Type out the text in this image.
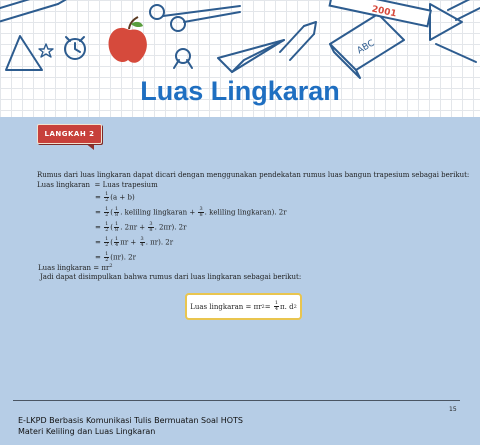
2001
ABC
Luas Lingkaran
LANGKAH 2
Rumus dari luas lingkaran dapat dicari dengan menggunakan pendekatan rumus luas bangun trapesium sebagai berikut:
Luas lingkaran = Luas trapesium
= $\frac{1}{2} (a + b)$
= $\frac{1}{2}$ ( $\frac{1}{8}$ . keliling lingkaran + $\frac{3}{8}$ . keliling lingkaran). 2r
= $\frac{1}{2}$ ( $\frac{1}{8}$ . $2\pi r + \frac{3}{8}$ . 2πr). 2r
= $\frac{1}{2}$ ( $\frac{1}{4}$ $\pi r + \frac{3}{4}$ . πr). 2r
= $\frac{1}{2} (\pi r)$. 2r
Luas lingkaran = $\pi r^2$
Jadi dapat disimpulkan bahwa rumus dari luas lingkaran sebagai berikut:
Luas lingkaran = πr 2 =
$\frac{1}{4} \pi$. d 2
15
E-LKPD Berbasis Komunikasi Tulis Bermuatan Soal HOTS
Materi Keliling dan Luas Lingkaran
